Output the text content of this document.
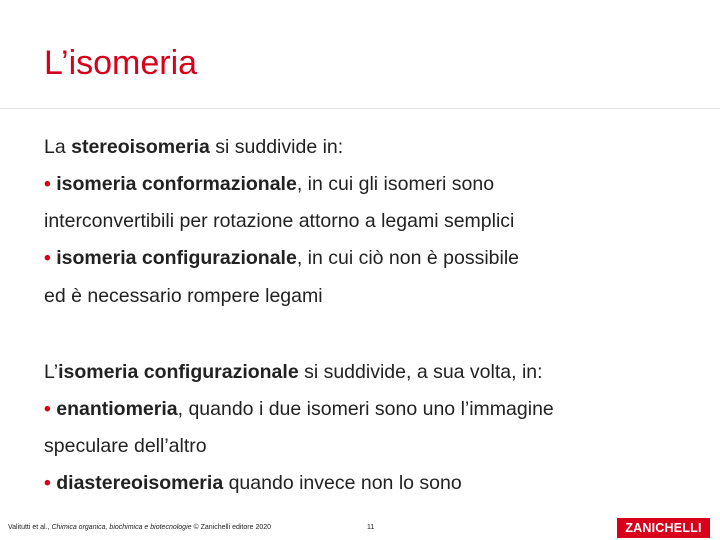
L’isomeria
La stereoisomeria si suddivide in:
• isomeria conformazionale, in cui gli isomeri sono
interconvertibili per rotazione attorno a legami semplici
• isomeria configurazionale, in cui ciò non è possibile
ed è necessario rompere legami
L’isomeria configurazionale si suddivide, a sua volta, in:
• enantiomeria, quando i due isomeri sono uno l’immagine
speculare dell’altro
• diastereoisomeria quando invece non lo sono
Valitutti et al., Chimica organica, biochimica e biotecnologie © Zanichelli editore 2020	11	ZANICHELLI
